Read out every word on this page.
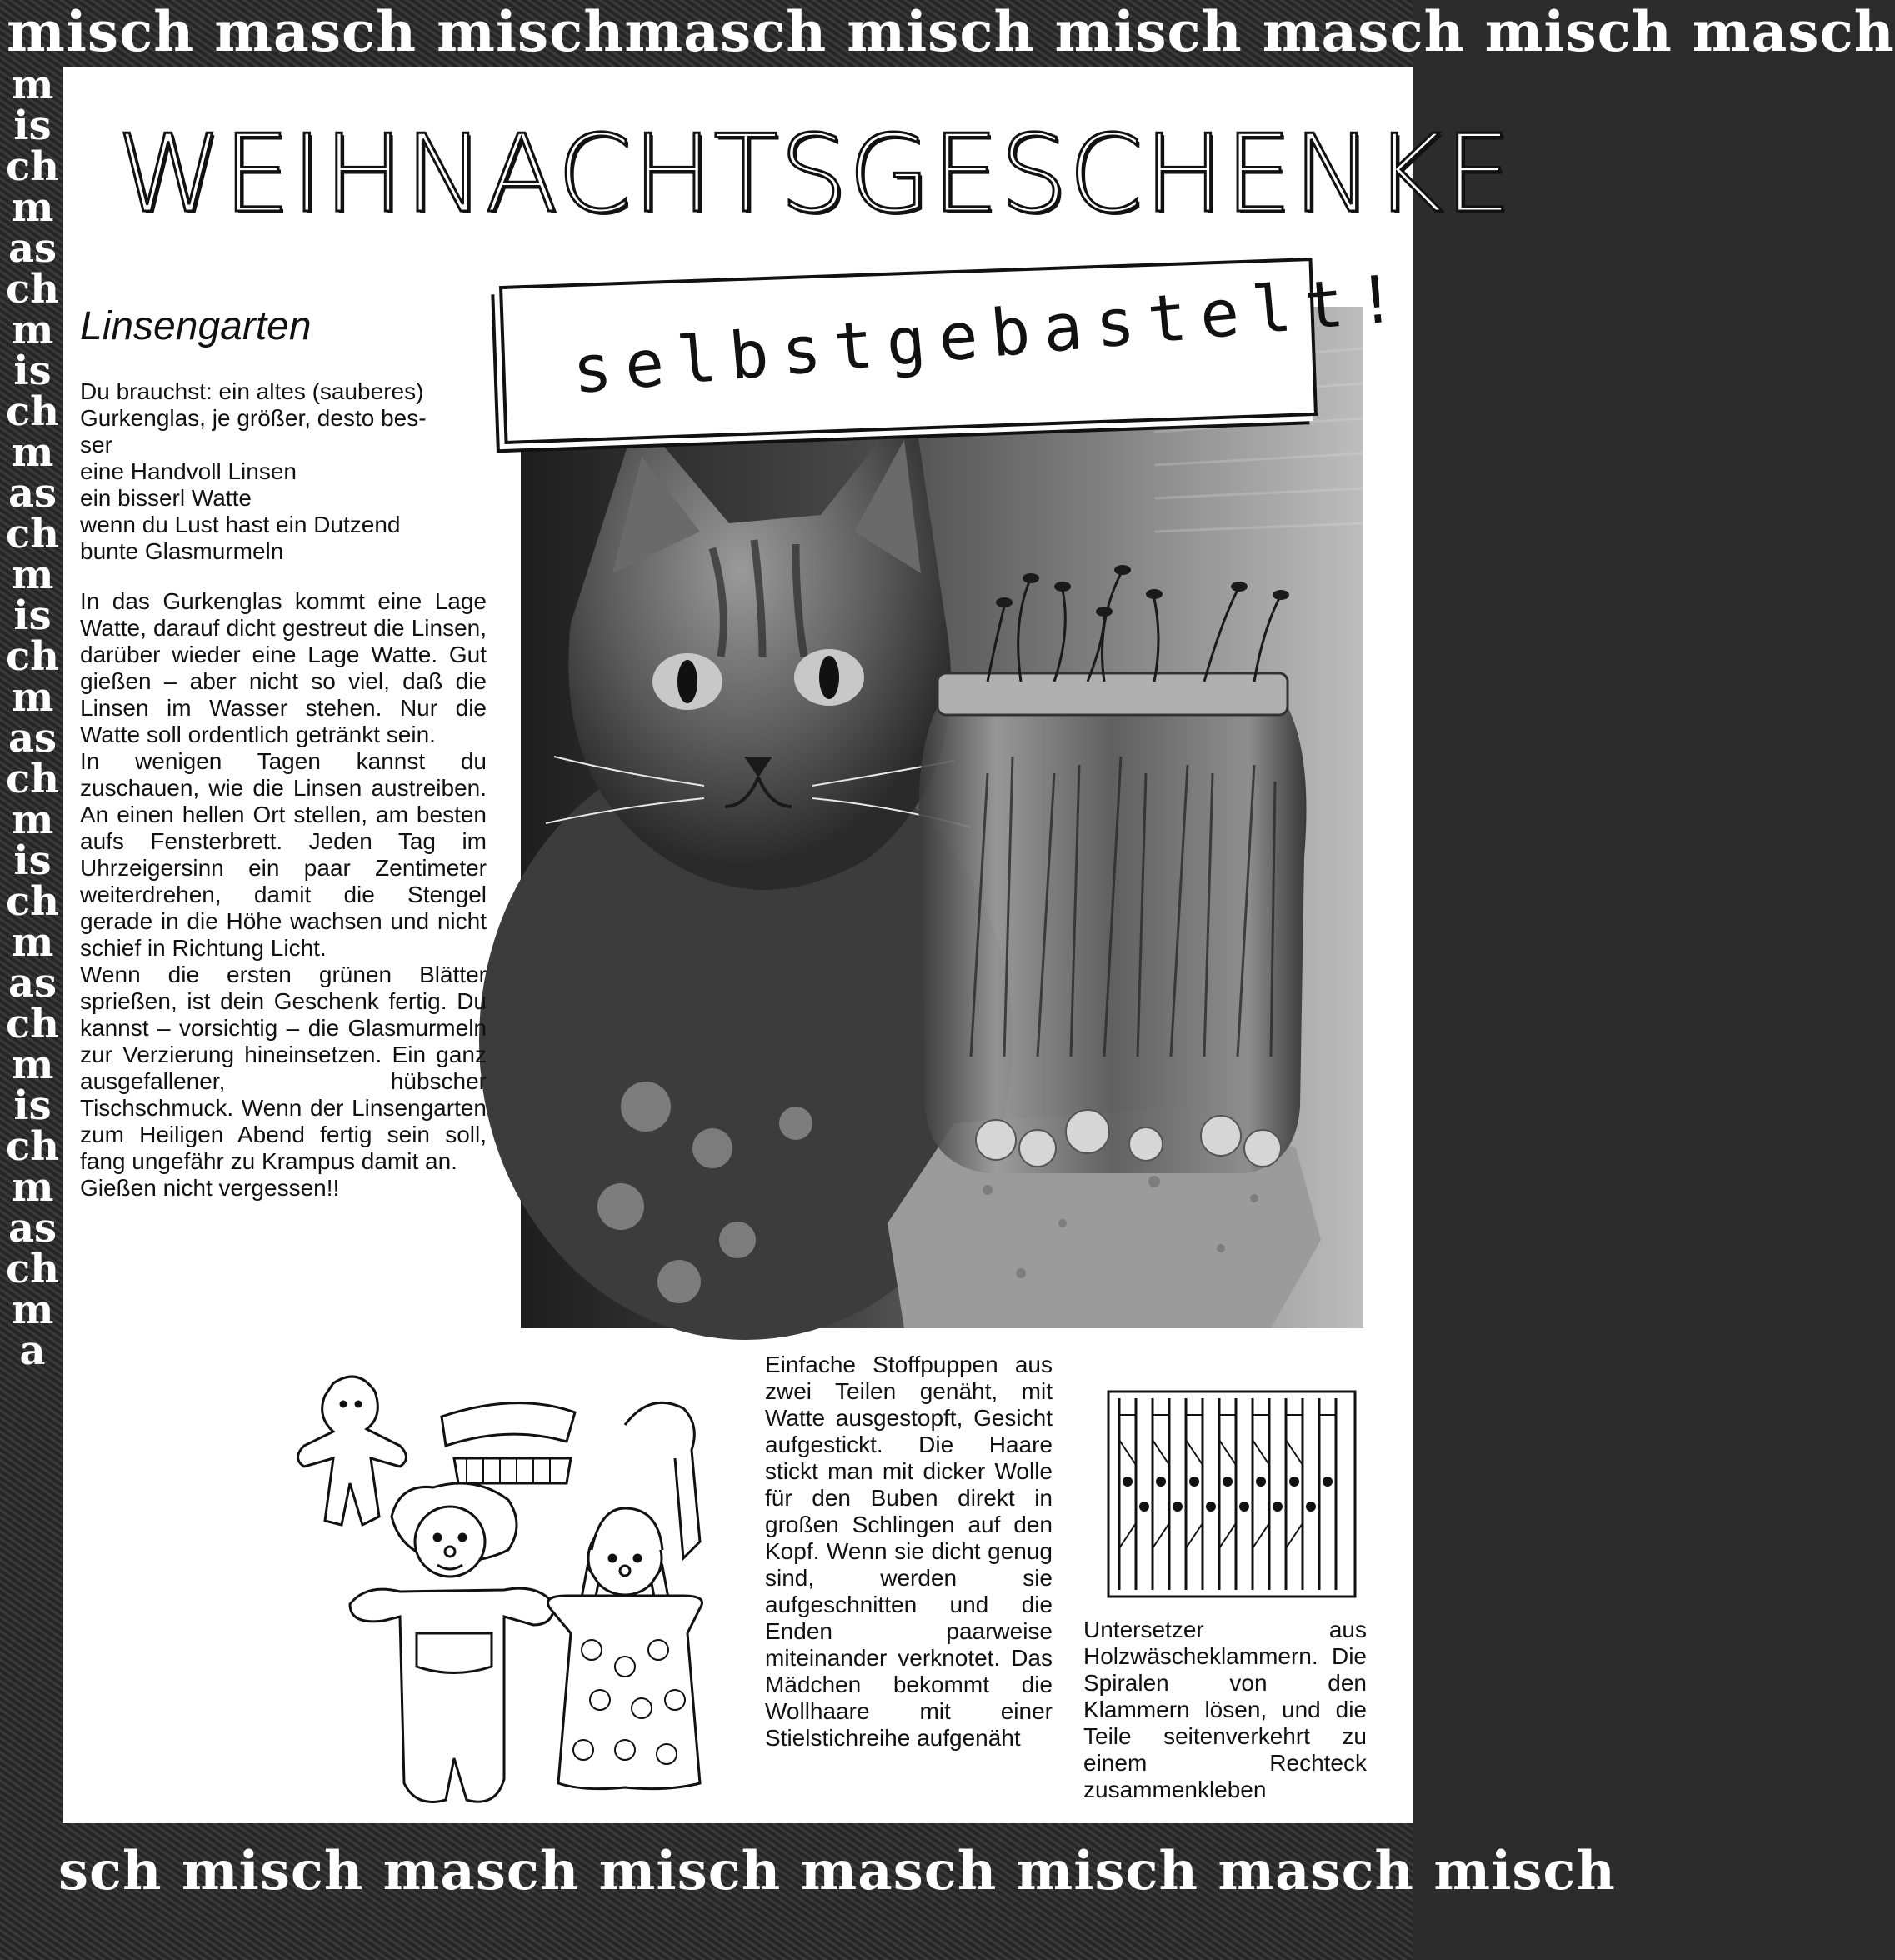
misch masch mischmasch misch misch masch misch masch
mischmaschmischmaschmischmaschmischmaschmischmaschma
sch misch masch misch masch misch masch misch
WEIHNACHTSGESCHENKE
selbstgebastelt!
Linsengarten
Du brauchst: ein altes (sauberes)
Gurkenglas, je größer, desto bes-
ser
eine Handvoll Linsen
ein bisserl Watte
wenn du Lust hast ein Dutzend
bunte Glasmurmeln

In das Gurkenglas kommt eine Lage Watte, darauf dicht gestreut die Linsen, darüber wieder eine Lage Watte. Gut gießen – aber nicht so viel, daß die Linsen im Wasser stehen. Nur die Watte soll ordentlich getränkt sein.

In wenigen Tagen kannst du zuschauen, wie die Linsen austreiben. An einen hellen Ort stellen, am besten aufs Fensterbrett. Jeden Tag im Uhrzeigersinn ein paar Zentimeter weiterdrehen, damit die Stengel gerade in die Höhe wachsen und nicht schief in Richtung Licht.

Wenn die ersten grünen Blätter sprießen, ist dein Geschenk fertig. Du kannst – vorsichtig – die Glasmurmeln zur Verzierung hineinsetzen. Ein ganz ausgefallener, hübscher Tischschmuck. Wenn der Linsengarten zum Heiligen Abend fertig sein soll, fang ungefähr zu Krampus damit an.

Gießen nicht vergessen!!

Einfache Stoffpuppen aus zwei Teilen genäht, mit Watte ausgestopft, Gesicht aufgestickt. Die Haare stickt man mit dicker Wolle für den Buben direkt in großen Schlingen auf den Kopf. Wenn sie dicht genug sind, werden sie aufgeschnitten und die Enden paarweise miteinander verknotet. Das Mädchen bekommt die Wollhaare mit einer Stielstichreihe aufgenäht
Untersetzer aus Holzwäscheklammern. Die Spiralen von den Klammern lösen, und die Teile seitenverkehrt zu einem Rechteck zusammenkleben
